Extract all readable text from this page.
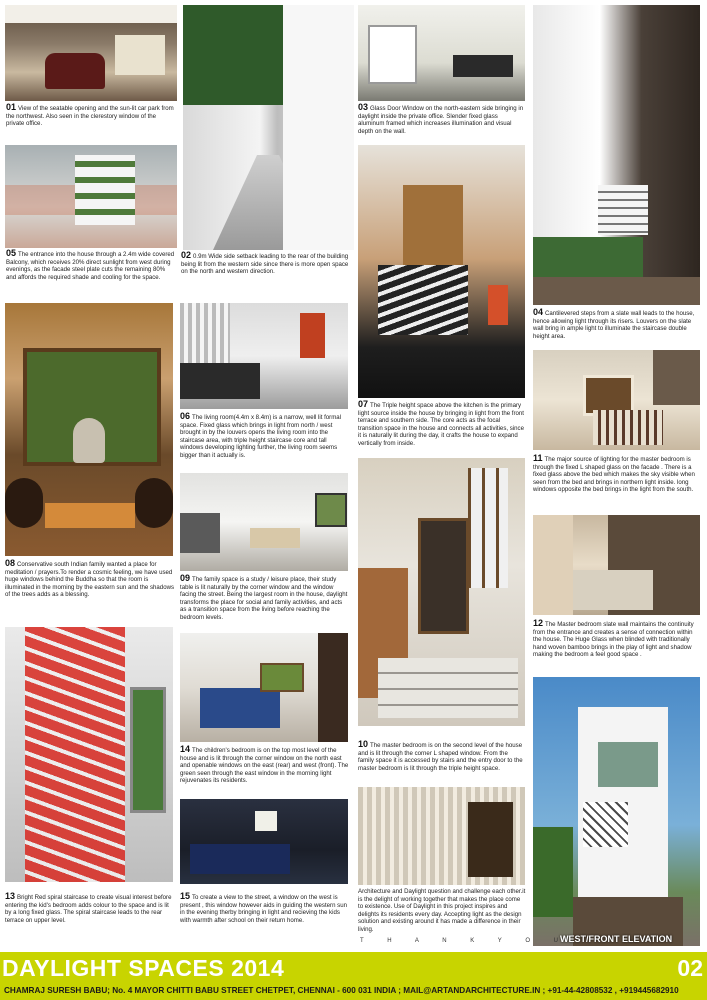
01 View of the seatable opening and the sun-lit car park from the northwest. Also seen in the clerestory window of the private office.
05 The entrance into the house through a 2.4m wide covered Balcony, which receives 20% direct sunlight from west during evenings, as the facade steel plate cuts the remaining 80% and affords the required shade and cooling for the space.
02 0.9m Wide side setback leading to the rear of the building being lit from the western side since there is more open space on the north and western direction.
03 Glass Door Window on the north-eastern side bringing in daylight inside the private office. Slender fixed glass aluminum framed which increases illumination and visual depth on the wall.
04 Cantilevered steps from a slate wall leads to the house, hence allowing light through its risers. Louvers on the slate wall bring in ample light to illuminate the staircase double height area.
06 The living room(4.4m x 8.4m) is a narrow, well lit formal space. Fixed glass which brings in light from north / west brought in by the louvers opens the living room into the staircase area, with triple height staircase core and tall windows developing lighting further, the living room seems bigger than it actually is.
07 The Triple height space above the kitchen is the primary light source inside the house by bringing in light from the front terrace and southern side. The core acts as the focal transition space in the house and connects all activities, since it is naturally lit during the day, it crafts the house to expand vertically from inside.
08 Conservative south Indian family wanted a place for meditation / prayers.To render a cosmic feeling, we have used huge windows behind the Buddha so that the room is illuminated in the morning by the eastern sun and the shadows of the trees adds as a blessing.
09 The family space is a study / leisure place, their study table is lit naturally by the corner window and the window facing the street. Being the largest room in the house, daylight transforms the place for social and family activities, and acts as a transition space from the living before reaching the bedroom levels.
11 The major source of lighting for the master bedroom is through the fixed L shaped glass on the facade . There is a fixed glass above the bed which makes the sky visible when seen from the bed and brings in northern light inside. long windows opposite the bed brings in the light from the south.
12 The Master bedroom slate wall maintains the continuity from the entrance and creates a sense of connection within the house. The Huge Glass when blinded with traditionally hand woven bamboo brings in the play of light and shadow making the bedroom a feel good space .
14 The children's bedroom is on the top most level of the house and is lit through the corner window on the north east and openable windows on the east (rear) and west (front). The green seen through the east window in the morning light rejuvenates its residents.
10 The master bedroom is on the second level of the house and is lit through the corner L shaped window. From the family space it is accessed by stairs and the entry door to the master bedroom is lit through the triple height space.
13 Bright Red spiral staircase to create visual interest before entering the kid's bedroom adds colour to the space and is lit by a long fixed glass. The spiral staircase leads to the rear terrace on upper level.
15 To create a view to the street, a window on the west is present , this window however aids in guiding the western sun in the evening therby bringing in light and recieving the kids with warmth after school on their return home.
Architecture and Daylight question and challenge each other.it is the delight of working together that makes the place come to existence. Use of Daylight in this project inspires and delights its residents every day. Accepting light as the design solution and existing around it has made a difference in their living.
T H A N K Y O U
WEST/FRONT ELEVATION
DAYLIGHT SPACES 2014	02
CHAMRAJ SURESH BABU; No. 4 MAYOR CHITTI BABU STREET CHETPET, CHENNAI - 600 031 INDIA ; MAIL@ARTANDARCHITECTURE.IN ; +91-44-42808532 , +919445682910
